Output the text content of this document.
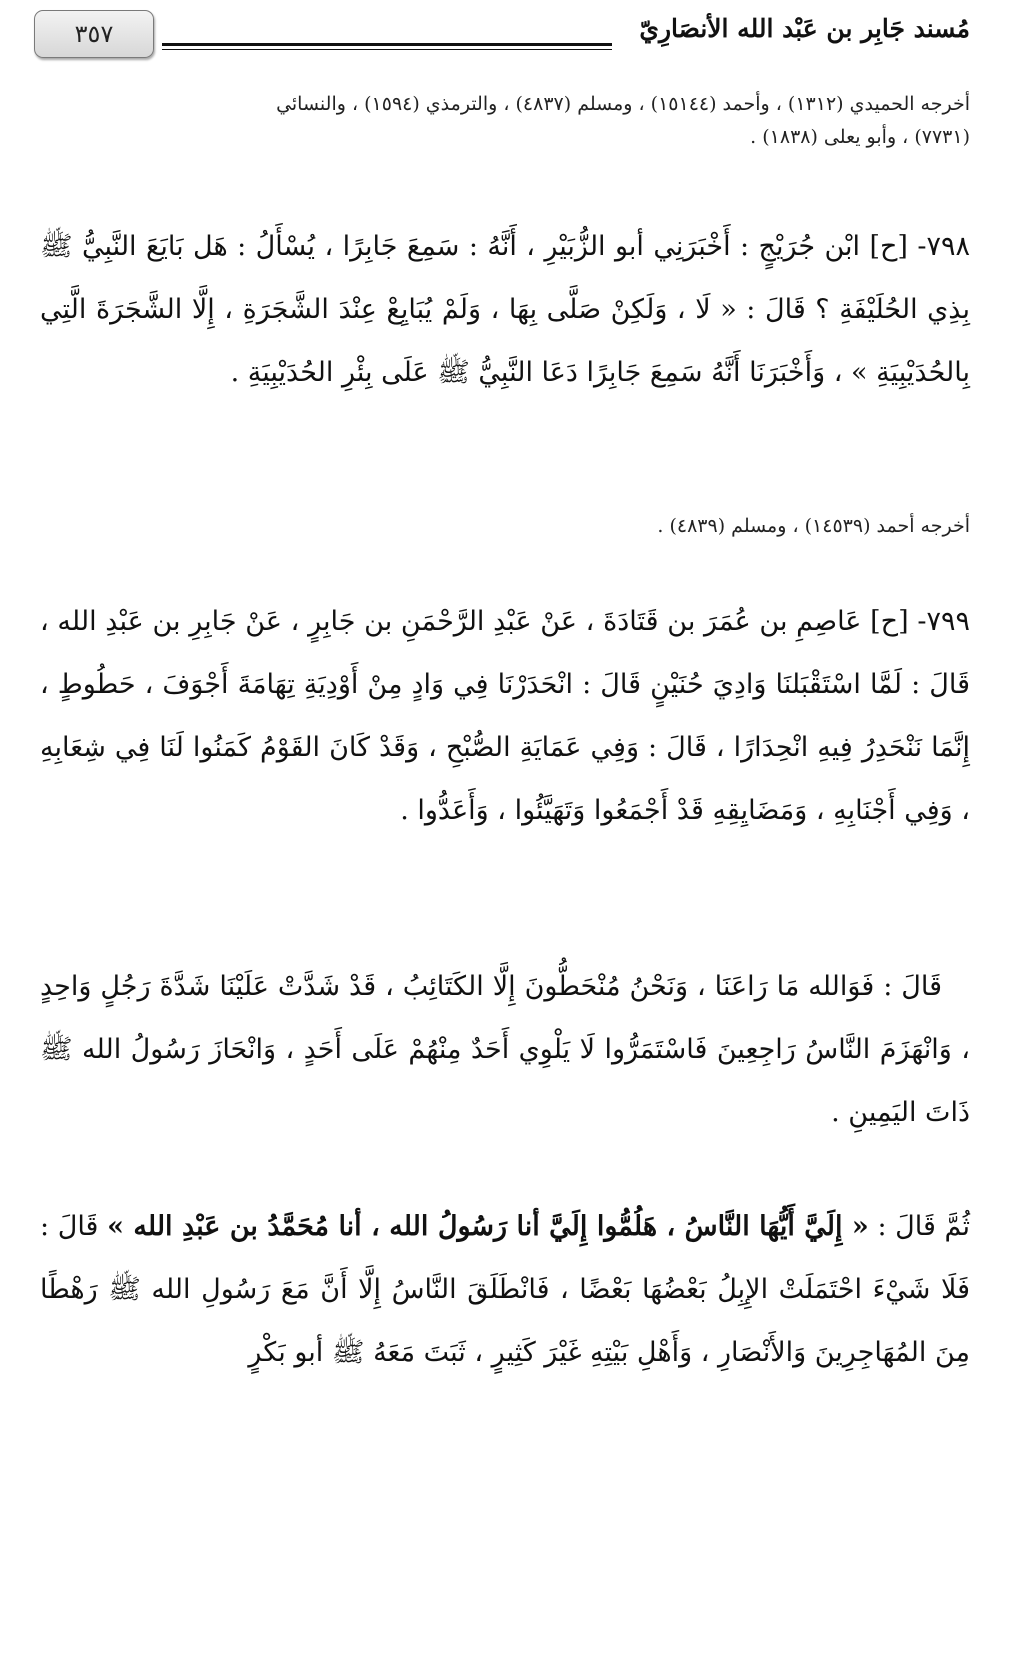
٣٥٧	مُسند جَابِر بن عَبْد الله الأنصَارِيّ
أخرجه الحميدي (١٣١٢) ، وأحمد (١٥١٤٤) ، ومسلم (٤٨٣٧) ، والترمذي (١٥٩٤) ، والنسائي
(٧٧٣١) ، وأبو يعلى (١٨٣٨) .
٧٩٨- [ح] ابْن جُرَيْجٍ : أَخْبَرَنِي أبو الزُّبَيْرِ ، أَنَّهُ : سَمِعَ جَابِرًا ، يُسْأَلُ : هَل بَايَعَ النَّبِيُّ ﷺ بِذِي الحُلَيْفَةِ ؟ قَالَ : « لَا ، وَلَكِنْ صَلَّى بِهَا ، وَلَمْ يُبَايِعْ عِنْدَ الشَّجَرَةِ ، إِلَّا الشَّجَرَةَ الَّتِي بِالحُدَيْبِيَةِ » ، وَأَخْبَرَنَا أَنَّهُ سَمِعَ جَابِرًا دَعَا النَّبِيُّ ﷺ عَلَى بِئْرِ الحُدَيْبِيَةِ .
أخرجه أحمد (١٤٥٣٩) ، ومسلم (٤٨٣٩) .
٧٩٩- [ح] عَاصِمِ بن عُمَرَ بن قَتَادَةَ ، عَنْ عَبْدِ الرَّحْمَنِ بن جَابِرٍ ، عَنْ جَابِرِ بن عَبْدِ الله ، قَالَ : لَمَّا اسْتَقْبَلنَا وَادِيَ حُنَيْنٍ قَالَ : انْحَدَرْنَا فِي وَادٍ مِنْ أَوْدِيَةِ تِهَامَةَ أَجْوَفَ ، حَطُوطٍ ، إِنَّمَا نَنْحَدِرُ فِيهِ انْحِدَارًا ، قَالَ : وَفِي عَمَايَةِ الصُّبْحِ ، وَقَدْ كَانَ القَوْمُ كَمَنُوا لَنَا فِي شِعَابِهِ ، وَفِي أَجْنَابِهِ ، وَمَضَايِقِهِ قَدْ أَجْمَعُوا وَتَهَيَّئُوا ، وَأَعَدُّوا .
قَالَ : فَوَالله مَا رَاعَنَا ، وَنَحْنُ مُنْحَطُّونَ إِلَّا الكَتَائِبُ ، قَدْ شَدَّتْ عَلَيْنَا شَدَّةَ رَجُلٍ وَاحِدٍ ، وَانْهَزَمَ النَّاسُ رَاجِعِينَ فَاسْتَمَرُّوا لَا يَلْوِي أَحَدٌ مِنْهُمْ عَلَى أَحَدٍ ، وَانْحَازَ رَسُولُ الله ﷺ ذَاتَ اليَمِينِ .
ثُمَّ قَالَ : « إِلَيَّ أَيُّهَا النَّاسُ ، هَلُمُّوا إِلَيَّ أنا رَسُولُ الله ، أنا مُحَمَّدُ بن عَبْدِ الله » قَالَ : فَلَا شَيْءَ احْتَمَلَتْ الإِبِلُ بَعْضُهَا بَعْضًا ، فَانْطَلَقَ النَّاسُ إِلَّا أَنَّ مَعَ رَسُولِ الله ﷺ رَهْطًا مِنَ المُهَاجِرِينَ وَالأَنْصَارِ ، وَأَهْلِ بَيْتِهِ غَيْرَ كَثِيرٍ ، ثَبَتَ مَعَهُ ﷺ أبو بَكْرٍ
